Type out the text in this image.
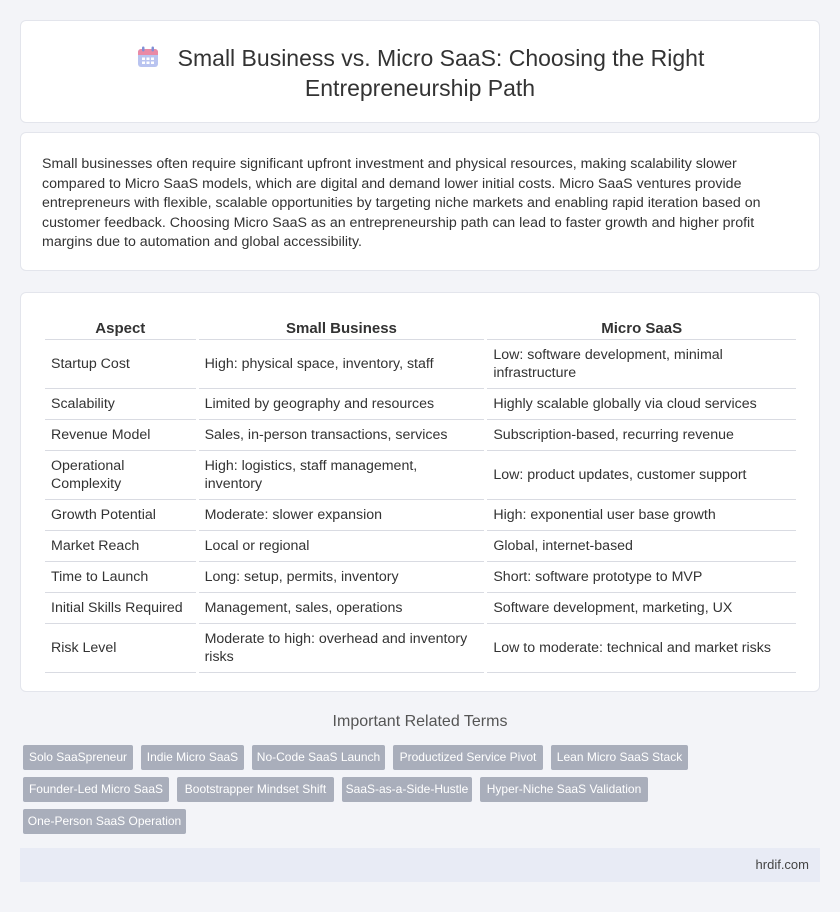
Small Business vs. Micro SaaS: Choosing the Right Entrepreneurship Path

Small businesses often require significant upfront investment and physical resources, making scalability slower compared to Micro SaaS models, which are digital and demand lower initial costs. Micro SaaS ventures provide entrepreneurs with flexible, scalable opportunities by targeting niche markets and enabling rapid iteration based on customer feedback. Choosing Micro SaaS as an entrepreneurship path can lead to faster growth and higher profit margins due to automation and global accessibility.

Aspect	Small Business	Micro SaaS
Startup Cost	High: physical space, inventory, staff	Low: software development, minimal infrastructure
Scalability	Limited by geography and resources	Highly scalable globally via cloud services
Revenue Model	Sales, in-person transactions, services	Subscription-based, recurring revenue
Operational Complexity	High: logistics, staff management, inventory	Low: product updates, customer support
Growth Potential	Moderate: slower expansion	High: exponential user base growth
Market Reach	Local or regional	Global, internet-based
Time to Launch	Long: setup, permits, inventory	Short: software prototype to MVP
Initial Skills Required	Management, sales, operations	Software development, marketing, UX
Risk Level	Moderate to high: overhead and inventory risks	Low to moderate: technical and market risks
Important Related Terms
Solo SaaSpreneur	Indie Micro SaaS	No-Code SaaS Launch	Productized Service Pivot	Lean Micro SaaS Stack
Founder-Led Micro SaaS	Bootstrapper Mindset Shift	SaaS-as-a-Side-Hustle	Hyper-Niche SaaS Validation
One-Person SaaS Operation
hrdif.com
